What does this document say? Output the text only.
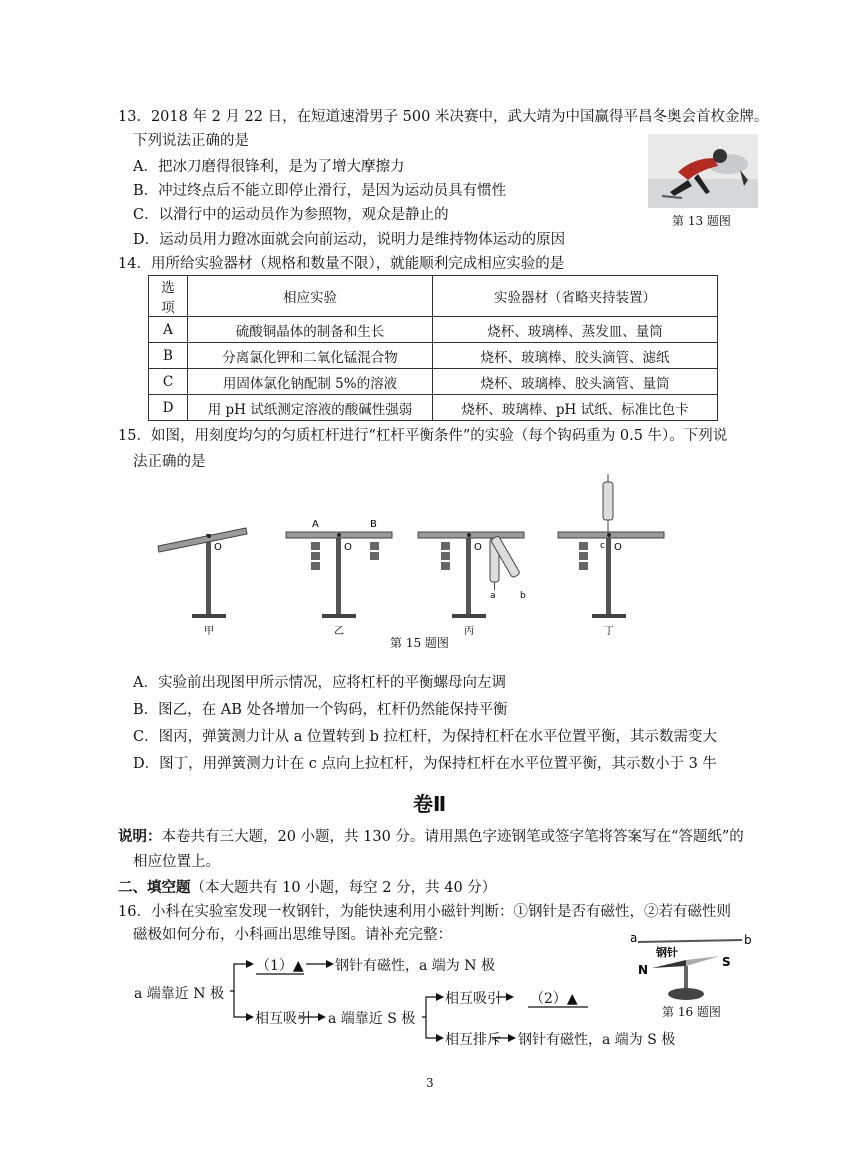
13．2018 年 2 月 22 日，在短道速滑男子 500 米决赛中，武大靖为中国赢得平昌冬奥会首枚金牌。
下列说法正确的是
A．把冰刀磨得很锋利，是为了增大摩擦力
B．冲过终点后不能立即停止滑行，是因为运动员具有惯性
C．以滑行中的运动员作为参照物，观众是静止的
D．运动员用力蹬冰面就会向前运动，说明力是维持物体运动的原因
第 13 题图
14．用所给实验器材（规格和数量不限），就能顺利完成相应实验的是
选项	相应实验	实验器材（省略夹持装置）
A	硫酸铜晶体的制备和生长	烧杯、玻璃棒、蒸发皿、量筒
B	分离氯化钾和二氧化锰混合物	烧杯、玻璃棒、胶头滴管、滤纸
C	用固体氯化钠配制 5%的溶液	烧杯、玻璃棒、胶头滴管、量筒
D	用 pH 试纸测定溶液的酸碱性强弱	烧杯、玻璃棒、pH 试纸、标准比色卡
15．如图，用刻度均匀的匀质杠杆进行“杠杆平衡条件”的实验（每个钩码重为 0.5 牛）。下列说
法正确的是
O
甲
A	B
O
乙
O
a	b
丙
O
c
丁
第 15 题图
A．实验前出现图甲所示情况，应将杠杆的平衡螺母向左调
B．图乙，在 AB 处各增加一个钩码，杠杆仍然能保持平衡
C．图丙，弹簧测力计从 a 位置转到 b 拉杠杆，为保持杠杆在水平位置平衡，其示数需变大
D．图丁，用弹簧测力计在 c 点向上拉杠杆，为保持杠杆在水平位置平衡，其示数小于 3 牛
卷Ⅱ
说明：本卷共有三大题，20 小题，共 130 分。请用黑色字迹钢笔或签字笔将答案写在“答题纸”的
相应位置上。
二、填空题（本大题共有 10 小题，每空 2 分，共 40 分）
16．小科在实验室发现一枚钢针，为能快速利用小磁针判断：①钢针是否有磁性，②若有磁性则
磁极如何分布，小科画出思维导图。请补充完整：
a 端靠近 N 极
（1）▲ 钢针有磁性，a 端为 N 极
相互吸引 a 端靠近 S 极
相互吸引 （2）▲
相互排斥 钢针有磁性，a 端为 S 极
a	b
钢针
N
S
第 16 题图
3
